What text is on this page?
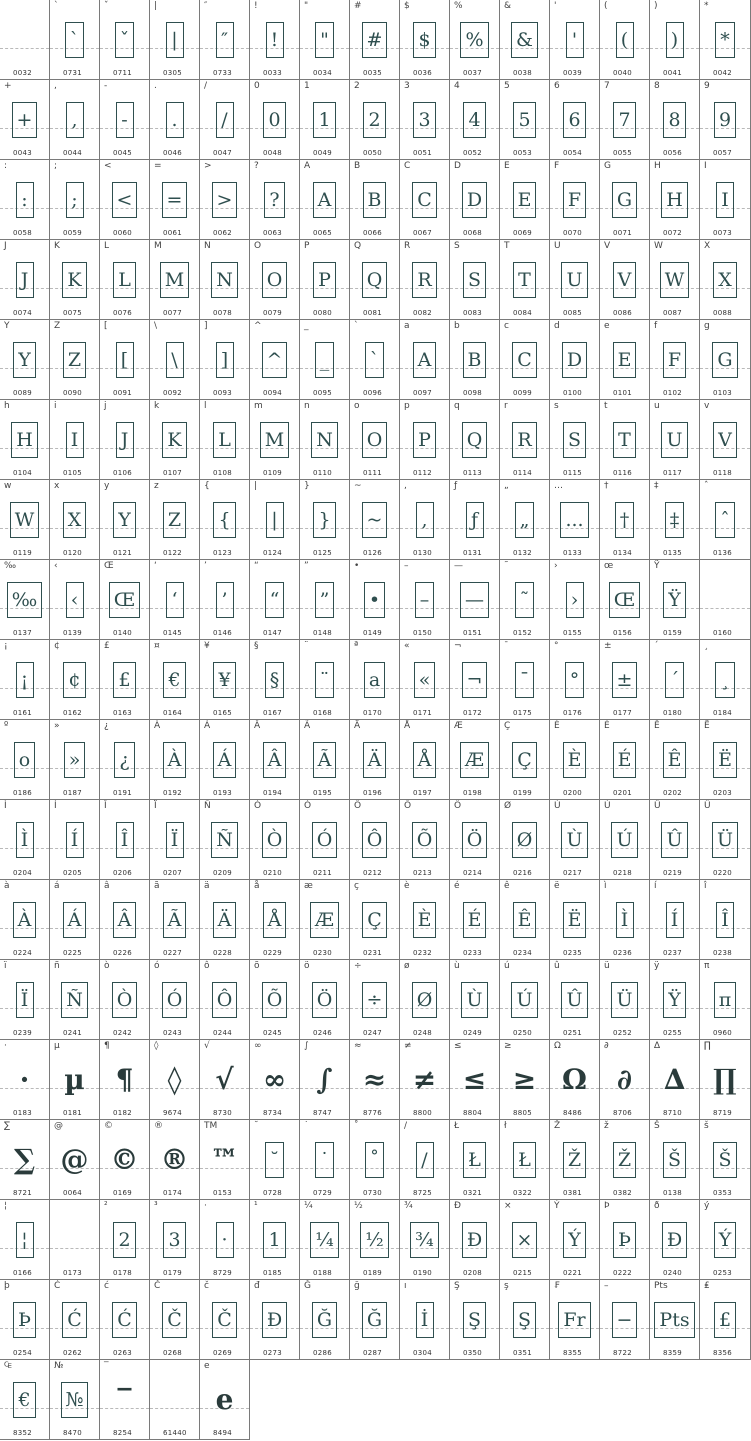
0032
`
ˋ
0731
ˇ
ˇ
0711
|
|
0305
″
″
0733
!
!
0033
"
"
0034
#
#
0035
$
$
0036
%
%
0037
&
&
0038
'
'
0039
(
(
0040
)
)
0041
*
*
0042
+
+
0043
,
,
0044
-
-
0045
.
.
0046
/
/
0047
0
0
0048
1
1
0049
2
2
0050
3
3
0051
4
4
0052
5
5
0053
6
6
0054
7
7
0055
8
8
0056
9
9
0057
:
:
0058
;
;
0059
<
<
0060
=
=
0061
>
>
0062
?
?
0063
A
A
0065
B
B
0066
C
C
0067
D
D
0068
E
E
0069
F
F
0070
G
G
0071
H
H
0072
I
I
0073
J
J
0074
K
K
0075
L
L
0076
M
M
0077
N
N
0078
O
O
0079
P
P
0080
Q
Q
0081
R
R
0082
S
S
0083
T
T
0084
U
U
0085
V
V
0086
W
W
0087
X
X
0088
Y
Y
0089
Z
Z
0090
[
[
0091
\
\
0092
]
]
0093
^
^
0094
_
_
0095
`
`
0096
a
A
0097
b
B
0098
c
C
0099
d
D
0100
e
E
0101
f
F
0102
g
G
0103
h
H
0104
i
I
0105
j
J
0106
k
K
0107
l
L
0108
m
M
0109
n
N
0110
o
O
0111
p
P
0112
q
Q
0113
r
R
0114
s
S
0115
t
T
0116
u
U
0117
v
V
0118
w
W
0119
x
X
0120
y
Y
0121
z
Z
0122
{
{
0123
|
|
0124
}
}
0125
~
~
0126
,
,
0130
ƒ
ƒ
0131
„
„
0132
…
...
0133
†
†
0134
‡
‡
0135
ˆ
ˆ
0136
‰
‰
0137
‹
‹
0139
Œ
Œ
0140
‘
‘
0145
’
’
0146
“
“
0147
”
”
0148
•
•
0149
–
–
0150
—
—
0151
˜
˜
0152
›
›
0155
œ
Œ
0156
Ÿ
Ÿ
0159	0160
¡
¡
0161
¢
¢
0162
£
£
0163
¤
€
0164
¥
¥
0165
§
§
0167
¨
¨
0168
ª
a
0170
«
«
0171
¬
¬
0172
¯
¯
0175
°
°
0176
±
±
0177
´
´
0180
¸
¸
0184
º
o
0186
»
»
0187
¿
¿
0191
À
À
0192
Á
Á
0193
Â
Â
0194
Ã
Ã
0195
Ä
Ä
0196
Å
Å
0197
Æ
Æ
0198
Ç
Ç
0199
È
È
0200
É
É
0201
Ê
Ê
0202
Ë
Ë
0203
Ì
Ì
0204
Í
Í
0205
Î
Î
0206
Ï
Ï
0207
Ñ
Ñ
0209
Ò
Ò
0210
Ó
Ó
0211
Ô
Ô
0212
Õ
Õ
0213
Ö
Ö
0214
Ø
Ø
0216
Ù
Ù
0217
Ú
Ú
0218
Û
Û
0219
Ü
Ü
0220
à
À
0224
á
Á
0225
â
Â
0226
ã
Ã
0227
ä
Ä
0228
å
Å
0229
æ
Æ
0230
ç
Ç
0231
è
È
0232
é
É
0233
ê
Ê
0234
ë
Ë
0235
ì
Ì
0236
í
Í
0237
î
Î
0238
ï
Ï
0239
ñ
Ñ
0241
ò
Ò
0242
ó
Ó
0243
ô
Ô
0244
õ
Õ
0245
ö
Ö
0246
÷
÷
0247
ø
Ø
0248
ù
Ù
0249
ú
Ú
0250
û
Û
0251
ü
Ü
0252
ÿ
Ÿ
0255
π
π
0960
·
·
0183
µ
µ
0181
¶
¶
0182
◊
◊
9674
√
√
8730
∞
∞
8734
∫
∫
8747
≈
≈
8776
≠
≠
8800
≤
≤
8804
≥
≥
8805
Ω
Ω
8486
∂
∂
8706
∆
∆
8710
∏
∏
8719
∑
∑
8721
@
@
0064
©
©
0169
®
®
0174
TM
™
0153
˘
˘
0728
˙
˙
0729
˚
˚
0730
∕
/
8725
Ł
Ł
0321
ł
Ł
0322
Ž
Ž
0381
ž
Ž
0382
Š
Š
0138
š
Š
0353
¦
¦
0166	0173
²
2
0178
³
3
0179
·
·
8729
¹
1
0185
¼
¼
0188
½
½
0189
¾
¾
0190
Đ
Ð
0208
×
×
0215
Ý
Ý
0221
Þ
Þ
0222
ð
Ð
0240
ý
Ý
0253
þ
Þ
0254
Ć
Ć
0262
ć
Ć
0263
Č
Č
0268
č
Č
0269
đ
Đ
0273
Ğ
Ğ
0286
ğ
Ğ
0287
ı
İ
0304
Ş
Ş
0350
ş
Ş
0351
₣
Fr
8355
–
−
8722
Pts
Pts
8359
₤
£
8356
₠
€
8352
№
№
8470
‾
‾
8254	61440
e
e
8494
